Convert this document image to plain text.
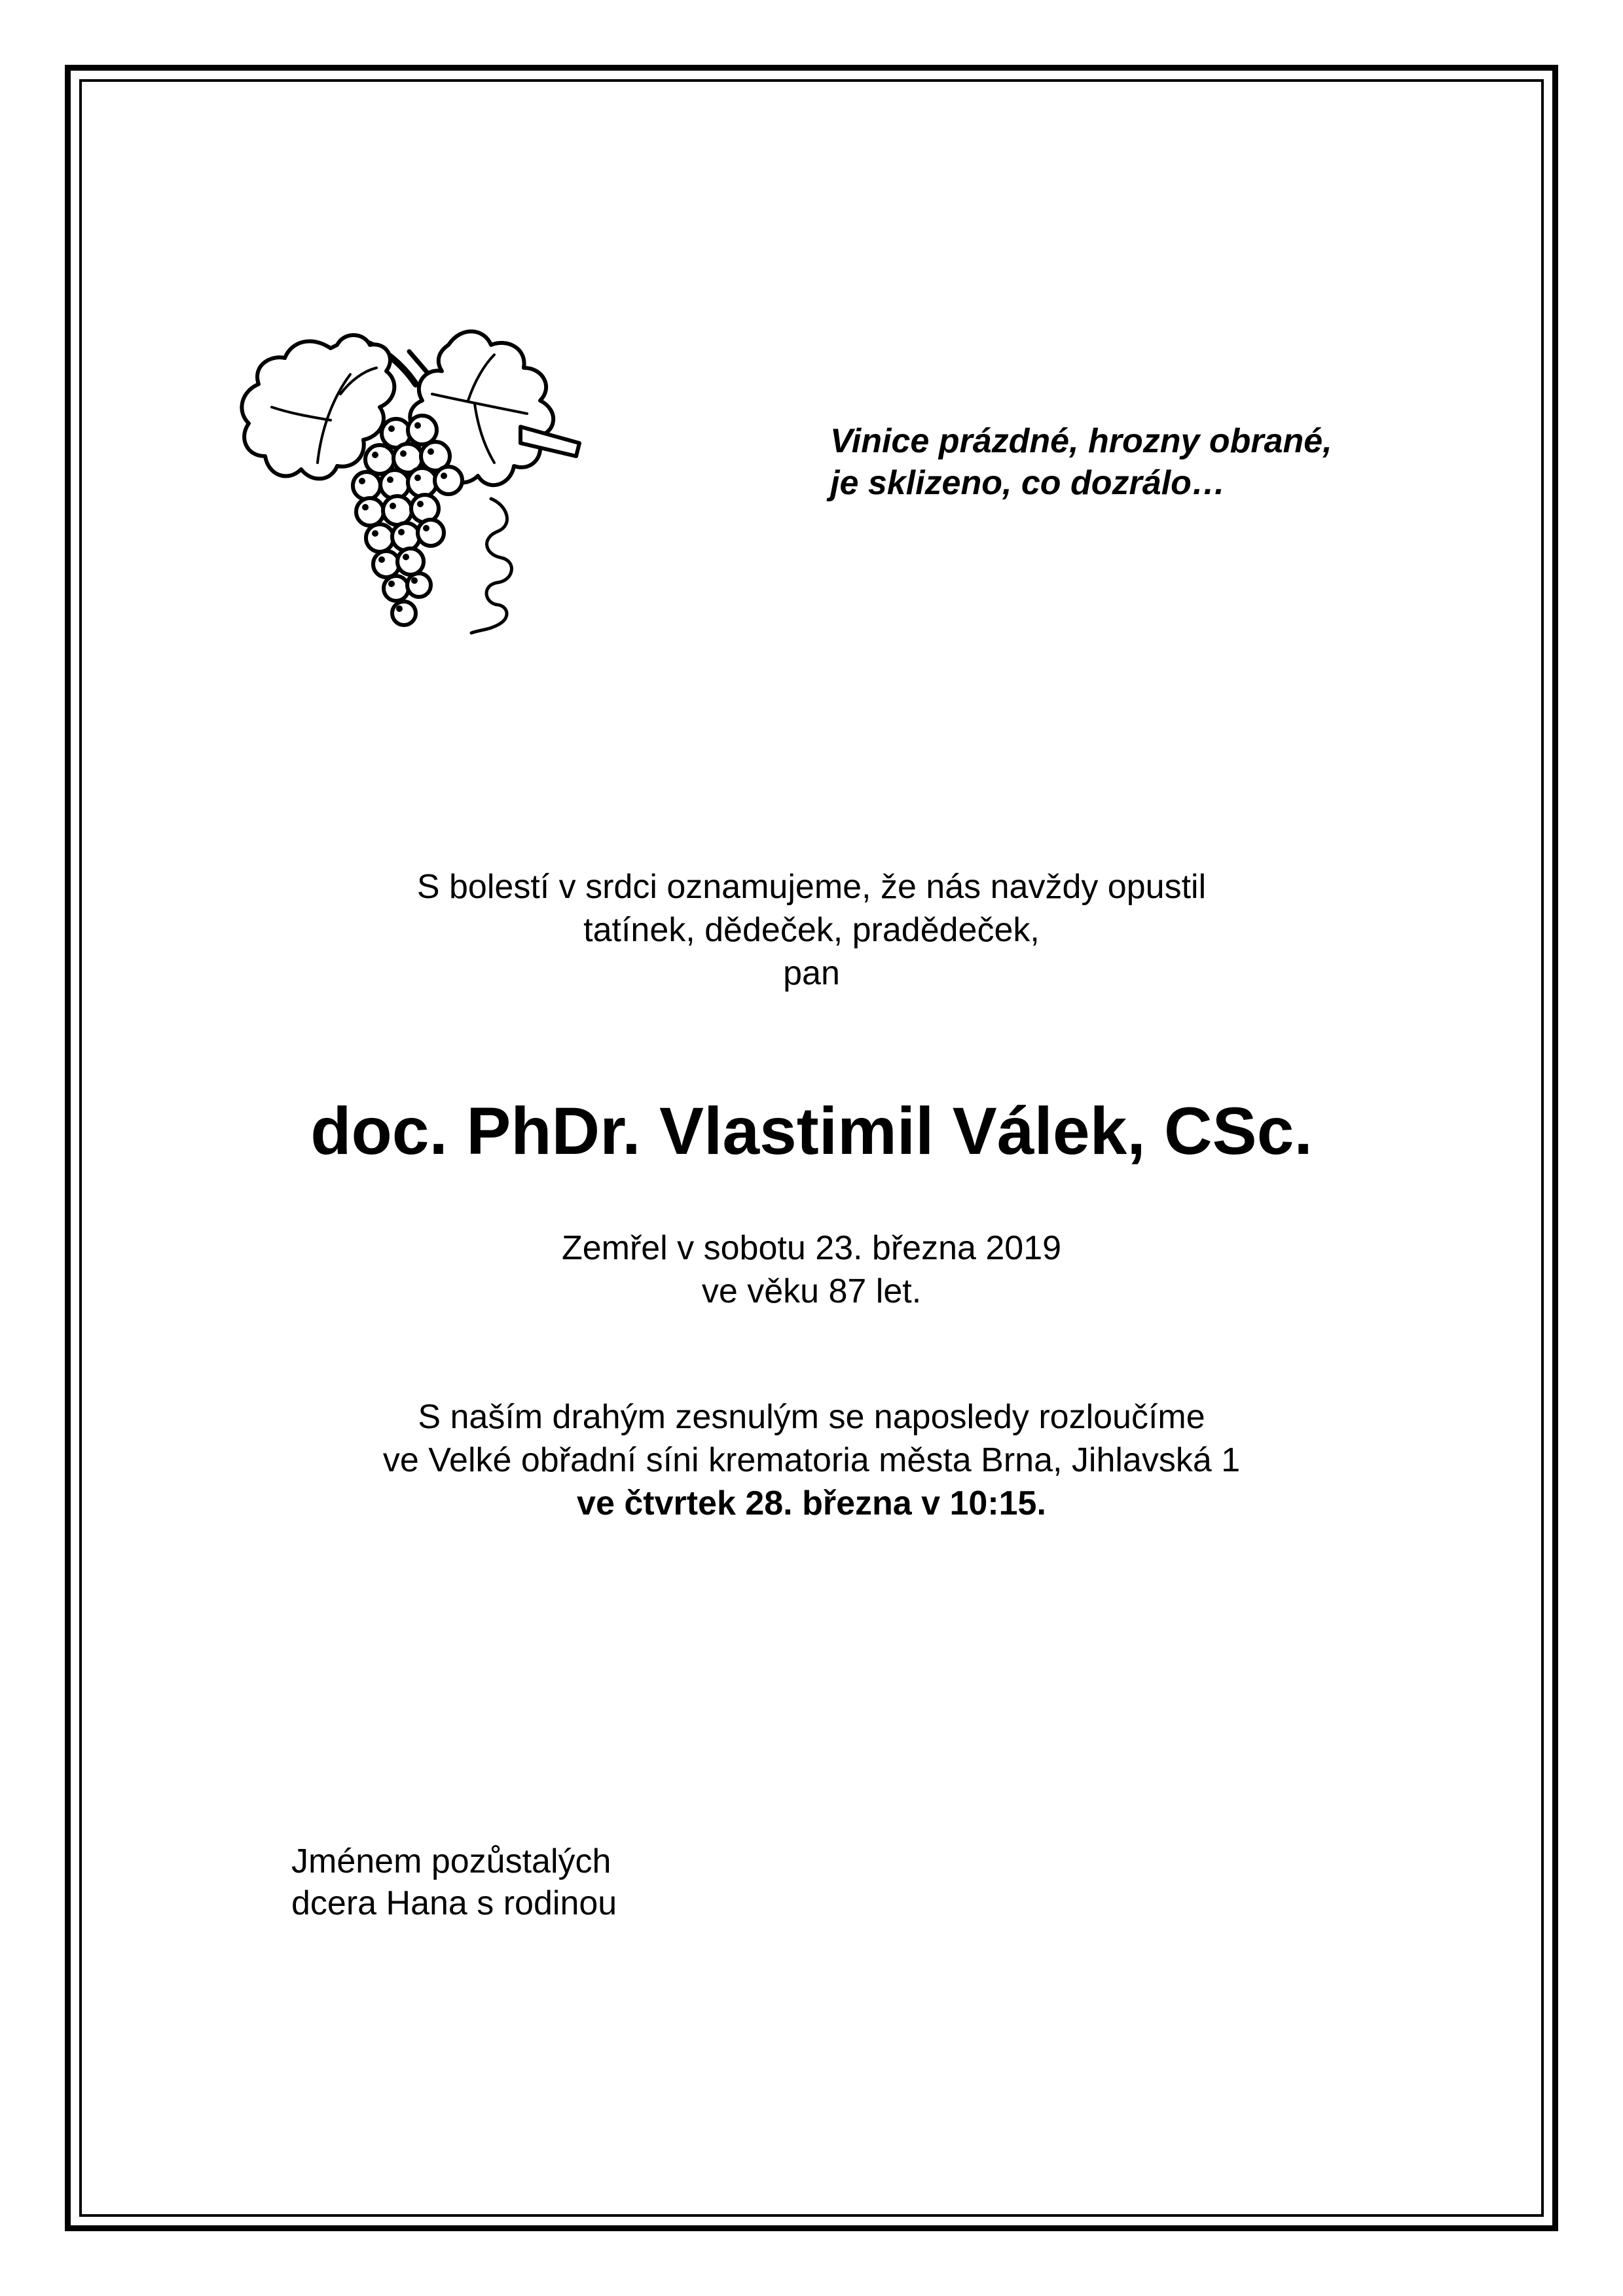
Vinice prázdné, hrozny obrané,
je sklizeno, co dozrálo…
S bolestí v srdci oznamujeme, že nás navždy opustil
tatínek, dědeček, pradědeček,
pan
doc. PhDr. Vlastimil Válek, CSc.
Zemřel v sobotu 23. března 2019
ve věku 87 let.
S naším drahým zesnulým se naposledy rozloučíme
ve Velké obřadní síni krematoria města Brna, Jihlavská 1
ve čtvrtek 28. března v 10:15.
Jménem pozůstalých
dcera Hana s rodinou
